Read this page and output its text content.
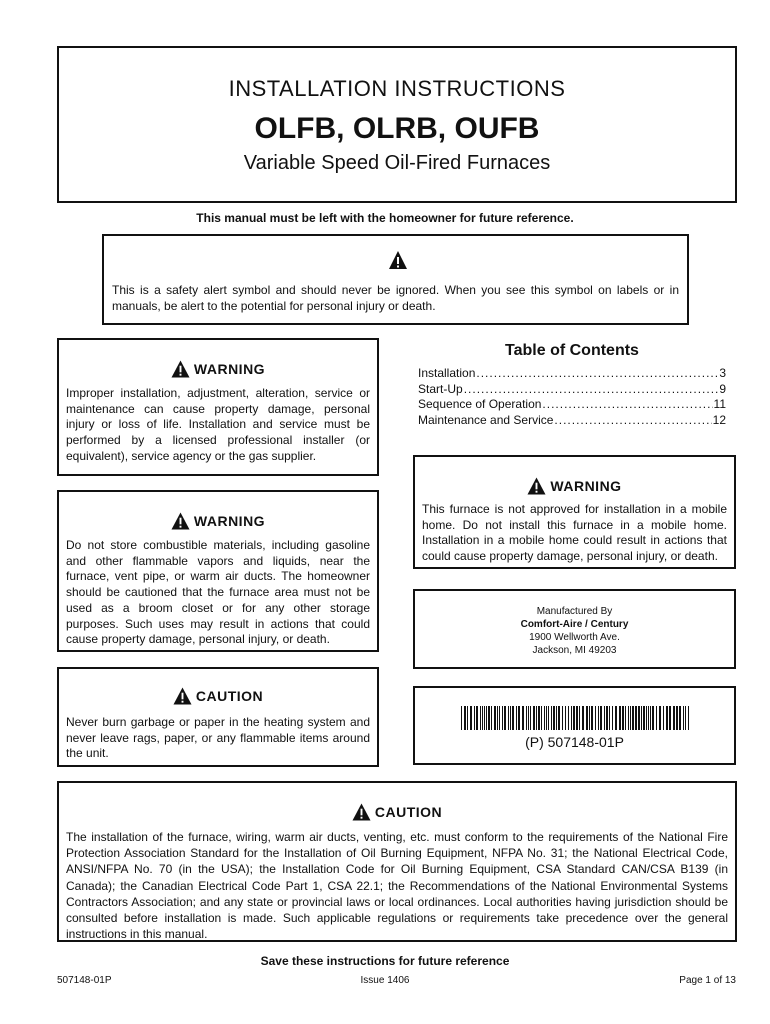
INSTALLATION INSTRUCTIONS
OLFB, OLRB, OUFB
Variable Speed Oil-Fired Furnaces
This manual must be left with the homeowner for future reference.
This is a safety alert symbol and should never be ignored. When you see this symbol on labels or in manuals, be alert to the potential for personal injury or death.
WARNING
Improper installation, adjustment, alteration, service or maintenance can cause property damage, personal injury or loss of life. Installation and service must be performed by a licensed professional installer (or equivalent), service agency or the gas supplier.
WARNING
Do not store combustible materials, including gasoline and other flammable vapors and liquids, near the furnace, vent pipe, or warm air ducts. The homeowner should be cautioned that the furnace area must not be used as a broom closet or for any other storage purposes. Such uses may result in actions that could cause property damage, personal injury, or death.
CAUTION
Never burn garbage or paper in the heating system and never leave rags, paper, or any flammable items around the unit.
Table of Contents
Installation .....	3
Start-Up .....	9
Sequence of Operation .....	11
Maintenance and Service .....	12
WARNING
This furnace is not approved for installation in a mobile home. Do not install this furnace in a mobile home. Installation in a mobile home could result in actions that could cause property damage, personal injury, or death.
Manufactured By
Comfort-Aire / Century
1900 Wellworth Ave.
Jackson, MI 49203
(P) 507148-01P
CAUTION
The installation of the furnace, wiring, warm air ducts, venting, etc. must conform to the requirements of the National Fire Protection Association Standard for the Installation of Oil Burning Equipment, NFPA No. 31; the National Electrical Code, ANSI/NFPA No. 70 (in the USA); the Installation Code for Oil Burning Equipment, CSA Standard CAN/CSA B139 (in Canada); the Canadian Electrical Code Part 1, CSA 22.1; the Recommendations of the National Environmental Systems Contractors Association; and any state or provincial laws or local ordinances. Local authorities having jurisdiction should be consulted before installation is made. Such applicable regulations or requirements take precedence over the general instructions in this manual.
Save these instructions for future reference
507148-01P	Issue 1406	Page 1 of 13
